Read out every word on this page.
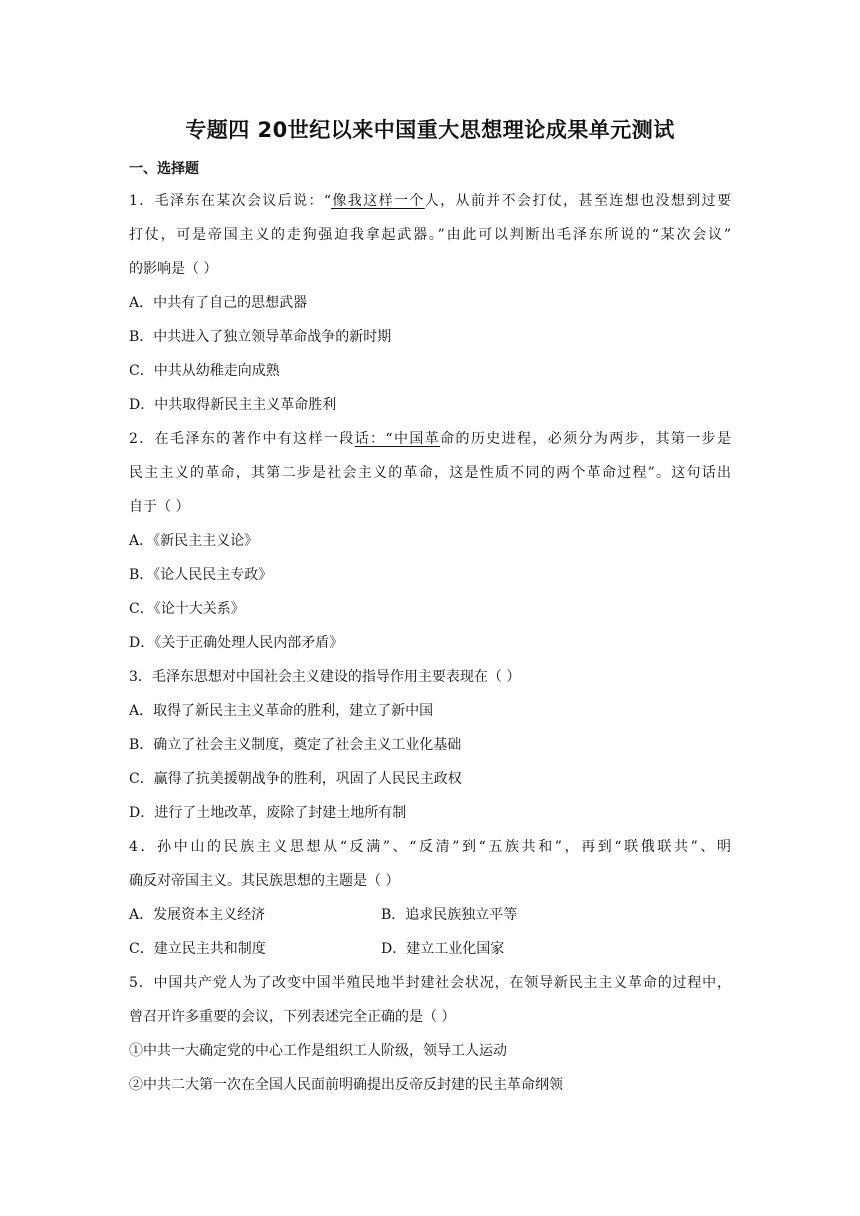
专题四 20世纪以来中国重大思想理论成果单元测试
一、选择题
1．毛泽东在某次会议后说：“像我这样一个人，从前并不会打仗，甚至连想也没想到过要
打仗，可是帝国主义的走狗强迫我拿起武器。”由此可以判断出毛泽东所说的“某次会议”
的影响是（ ）
A．中共有了自己的思想武器
B．中共进入了独立领导革命战争的新时期
C．中共从幼稚走向成熟
D．中共取得新民主主义革命胜利
2．在毛泽东的著作中有这样一段话：“中国革命的历史进程，必须分为两步，其第一步是
民主主义的革命，其第二步是社会主义的革命，这是性质不同的两个革命过程”。这句话出
自于（ ）
A．《新民主主义论》
B．《论人民民主专政》
C．《论十大关系》
D．《关于正确处理人民内部矛盾》
3．毛泽东思想对中国社会主义建设的指导作用主要表现在（ ）
A．取得了新民主主义革命的胜利，建立了新中国
B．确立了社会主义制度，奠定了社会主义工业化基础
C．赢得了抗美援朝战争的胜利，巩固了人民民主政权
D．进行了土地改革，废除了封建土地所有制
4．孙中山的民族主义思想从“反满”、“反清”到“五族共和”，再到“联俄联共”、明
确反对帝国主义。其民族思想的主题是（ ）
A．发展资本主义经济	B．追求民族独立平等
C．建立民主共和制度	D．建立工业化国家
5．中国共产党人为了改变中国半殖民地半封建社会状况，在领导新民主主义革命的过程中，
曾召开许多重要的会议，下列表述完全正确的是（ ）
①中共一大确定党的中心工作是组织工人阶级，领导工人运动
②中共二大第一次在全国人民面前明确提出反帝反封建的民主革命纲领
